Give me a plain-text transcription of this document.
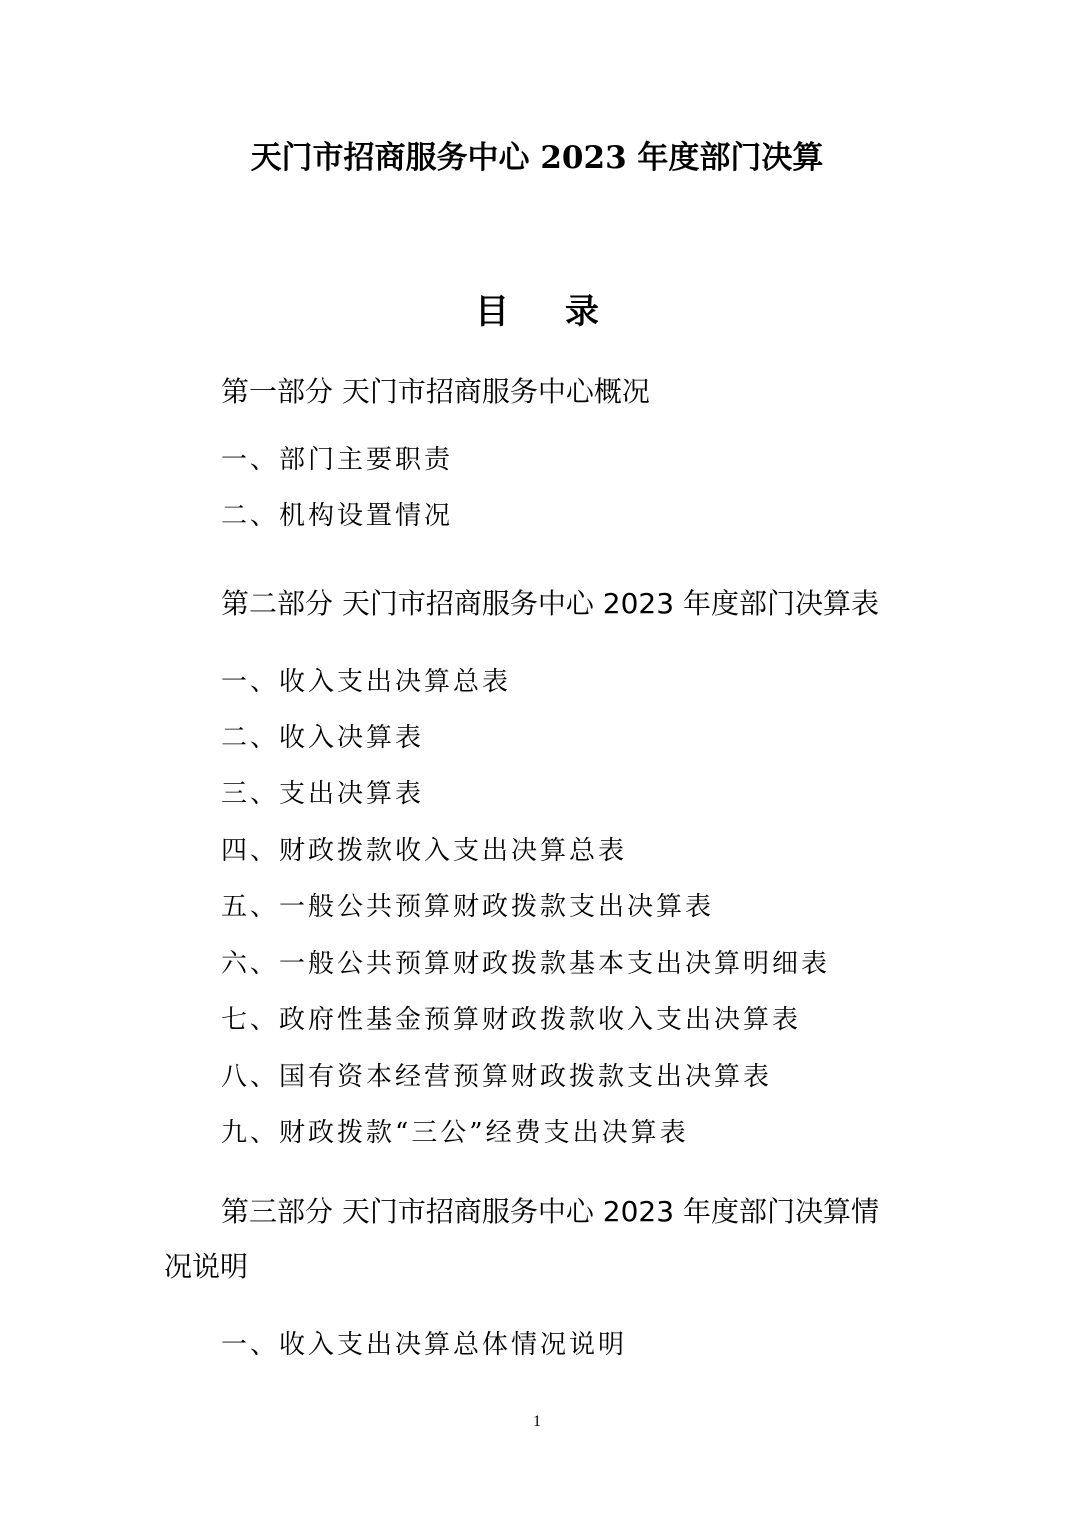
天门市招商服务中心 2023 年度部门决算
目录
第一部分 天门市招商服务中心概况
一、部门主要职责
二、机构设置情况
第二部分 天门市招商服务中心 2023 年度部门决算表
一、收入支出决算总表
二、收入决算表
三、支出决算表
四、财政拨款收入支出决算总表
五、一般公共预算财政拨款支出决算表
六、一般公共预算财政拨款基本支出决算明细表
七、政府性基金预算财政拨款收入支出决算表
八、国有资本经营预算财政拨款支出决算表
九、财政拨款“三公”经费支出决算表
第三部分 天门市招商服务中心 2023 年度部门决算情
况说明
一、收入支出决算总体情况说明
1
